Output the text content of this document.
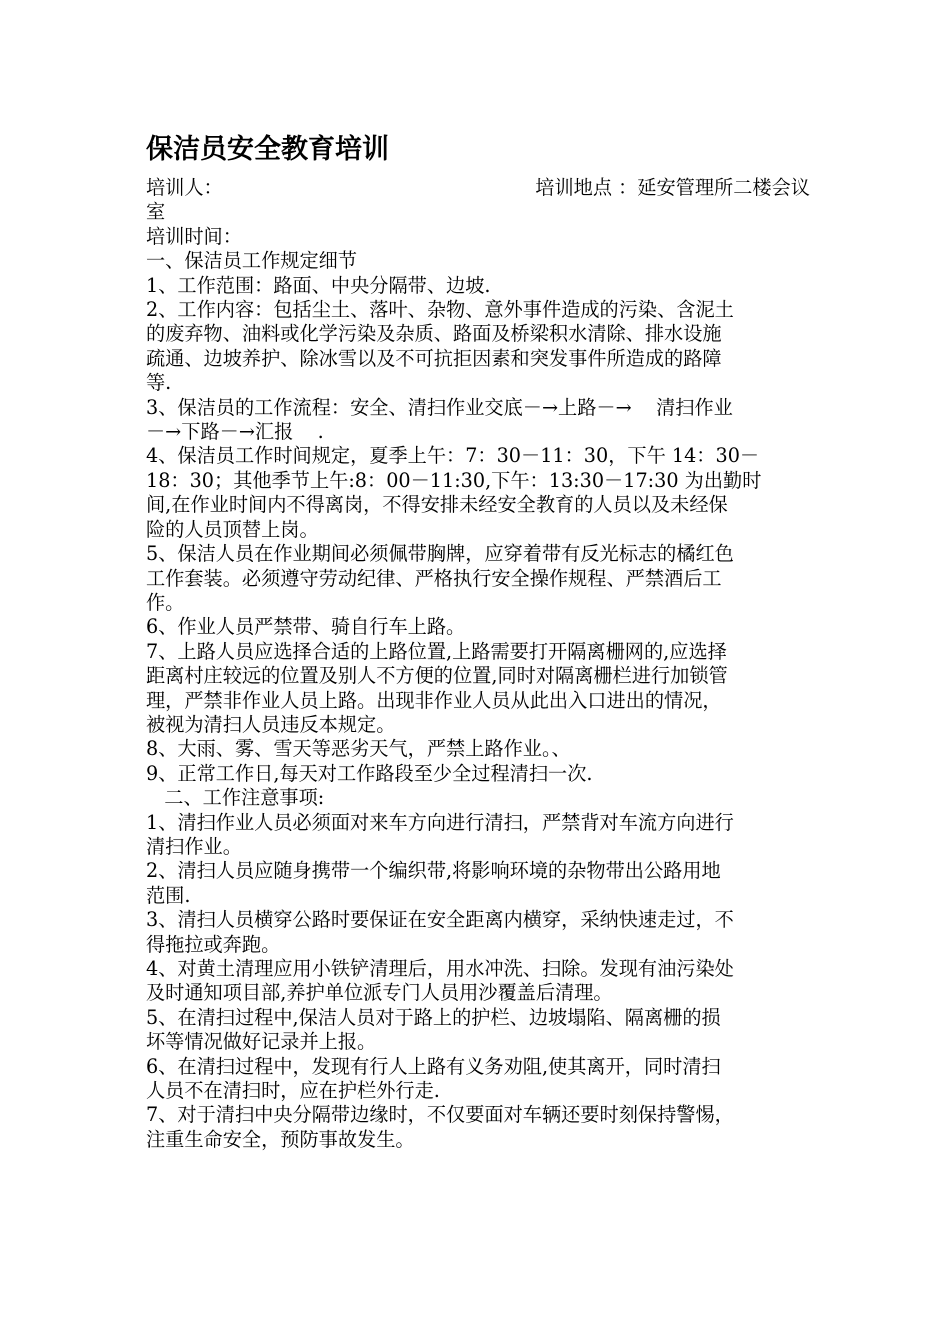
保洁员安全教育培训
培训人：	培训地点 ：延安管理所二楼会议
室
培训时间：
一、保洁员工作规定细节
1、工作范围：路面、中央分隔带、边坡.
2、工作内容：包括尘土、落叶、杂物、意外事件造成的污染、含泥土
的废弃物、油料或化学污染及杂质、路面及桥梁积水清除、排水设施
疏通、边坡养护、除冰雪以及不可抗拒因素和突发事件所造成的路障
等.
3、保洁员的工作流程：安全、清扫作业交底－→上路－→    清扫作业
－→下路－→汇报    .
4、保洁员工作时间规定，夏季上午：7：30－11：30，下午 14：30－
18：30；其他季节上午:8：00－11:30,下午：13:30－17:30 为出勤时
间,在作业时间内不得离岗，不得安排未经安全教育的人员以及未经保
险的人员顶替上岗。
5、保洁人员在作业期间必须佩带胸牌，应穿着带有反光标志的橘红色
工作套装。必须遵守劳动纪律、严格执行安全操作规程、严禁酒后工
作。
6、作业人员严禁带、骑自行车上路。
7、上路人员应选择合适的上路位置,上路需要打开隔离栅网的,应选择
距离村庄较远的位置及别人不方便的位置,同时对隔离栅栏进行加锁管
理，严禁非作业人员上路。出现非作业人员从此出入口进出的情况，
被视为清扫人员违反本规定。
8、大雨、雾、雪天等恶劣天气，严禁上路作业。、
9、正常工作日,每天对工作路段至少全过程清扫一次.
二、工作注意事项:
1、清扫作业人员必须面对来车方向进行清扫，严禁背对车流方向进行
清扫作业。
2、清扫人员应随身携带一个编织带,将影响环境的杂物带出公路用地
范围.
3、清扫人员横穿公路时要保证在安全距离内横穿，采纳快速走过，不
得拖拉或奔跑。
4、对黄土清理应用小铁铲清理后，用水冲洗、扫除。发现有油污染处
及时通知项目部,养护单位派专门人员用沙覆盖后清理。
5、在清扫过程中,保洁人员对于路上的护栏、边坡塌陷、隔离栅的损
坏等情况做好记录并上报。
6、在清扫过程中，发现有行人上路有义务劝阻,使其离开，同时清扫
人员不在清扫时，应在护栏外行走.
7、对于清扫中央分隔带边缘时，不仅要面对车辆还要时刻保持警惕，
注重生命安全，预防事故发生。
